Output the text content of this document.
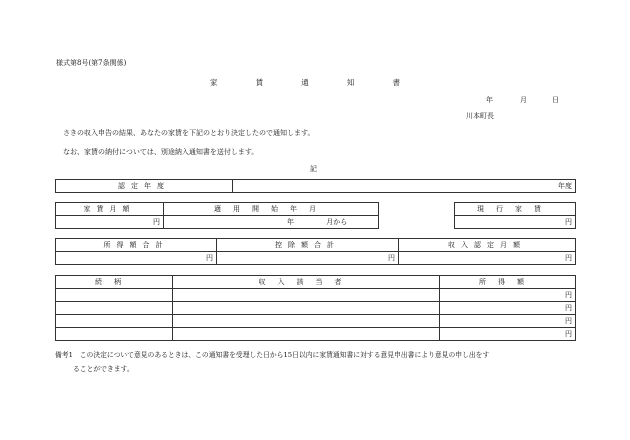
様式第8号(第7条関係)
家	賃	通	知	書
年	月	日
川本町長
さきの収入申告の結果、あなたの家賃を下記のとおり決定したので通知します。
なお、家賃の納付については、別途納入通知書を送付します。
記
認定年度	年度
家賃月額	適用開始年月		現行家賃
円	年 月から		円
所得額合計	控除額合計	収入認定月額
円	円	円
続柄	収入該当者	所得額
		円
		円
		円
		円
備考1　この決定について意見のあるときは、この通知書を受理した日から15日以内に家賃通知書に対する意見申出書により意見の申し出をす
ることができます。
